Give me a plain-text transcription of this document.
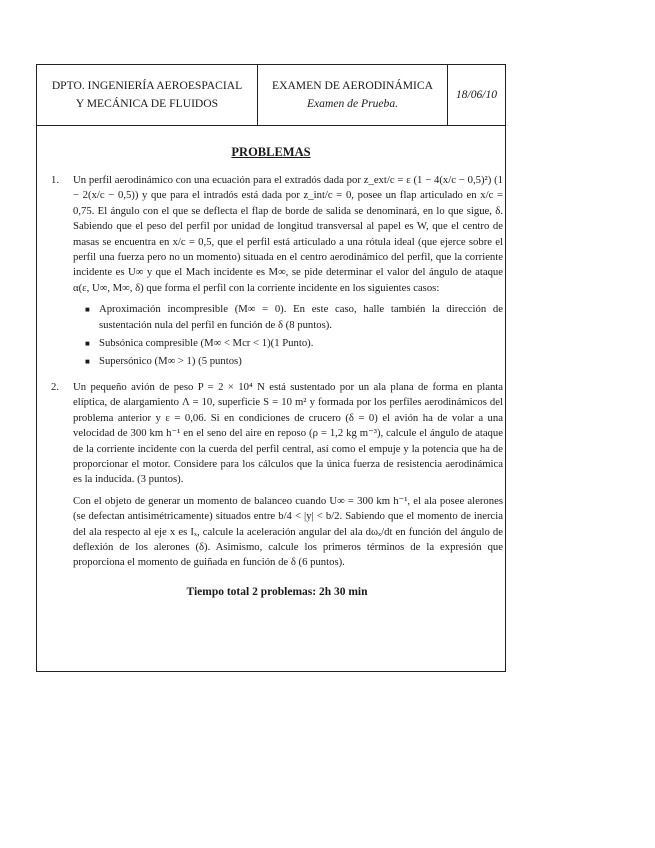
DPTO. INGENIERÍA AEROESPACIAL
Y MECÁNICA DE FLUIDOS
EXAMEN DE AERODINÁMICA
Examen de Prueba.
18/06/10
PROBLEMAS
1.	Un perfil aerodinámico con una ecuación para el extradós dada por z_ext/c = ε (1 − 4(x/c − 0,5)²) (1 − 2(x/c − 0,5)) y que para el intradós está dada por z_int/c = 0, posee un flap articulado en x/c = 0,75. El ángulo con el que se deflecta el flap de borde de salida se denominará, en lo que sigue, δ. Sabiendo que el peso del perfil por unidad de longitud transversal al papel es W, que el centro de masas se encuentra en x/c = 0,5, que el perfil está articulado a una rótula ideal (que ejerce sobre el perfil una fuerza pero no un momento) situada en el centro aerodinámico del perfil, que la corriente incidente es U∞ y que el Mach incidente es M∞, se pide determinar el valor del ángulo de ataque α(ε, U∞, M∞, δ) que forma el perfil con la corriente incidente en los siguientes casos:

■ Aproximación incompresible (M∞ = 0). En este caso, halle también la dirección de sustentación nula del perfil en función de δ (8 puntos).
■ Subsónica compresible (M∞ < Mcr < 1)(1 Punto).
■ Supersónico (M∞ > 1) (5 puntos)
2.	Un pequeño avión de peso P = 2 × 10⁴ N está sustentado por un ala plana de forma en planta elíptica, de alargamiento Λ = 10, superficie S = 10 m² y formada por los perfiles aerodinámicos del problema anterior y ε = 0,06. Si en condiciones de crucero (δ = 0) el avión ha de volar a una velocidad de 300 km h⁻¹ en el seno del aire en reposo (ρ = 1,2 kg m⁻³), calcule el ángulo de ataque de la corriente incidente con la cuerda del perfil central, así como el empuje y la potencia que ha de proporcionar el motor. Considere para los cálculos que la única fuerza de resistencia aerodinámica es la inducida. (3 puntos).

Con el objeto de generar un momento de balanceo cuando U∞ = 300 km h⁻¹, el ala posee alerones (se defectan antisimétricamente) situados entre b/4 < |y| < b/2. Sabiendo que el momento de inercia del ala respecto al eje x es Iₓ, calcule la aceleración angular del ala dωₓ/dt en función del ángulo de deflexión de los alerones (δ). Asimismo, calcule los primeros términos de la expresión que proporciona el momento de guiñada en función de δ (6 puntos).

Tiempo total 2 problemas: 2h 30 min
